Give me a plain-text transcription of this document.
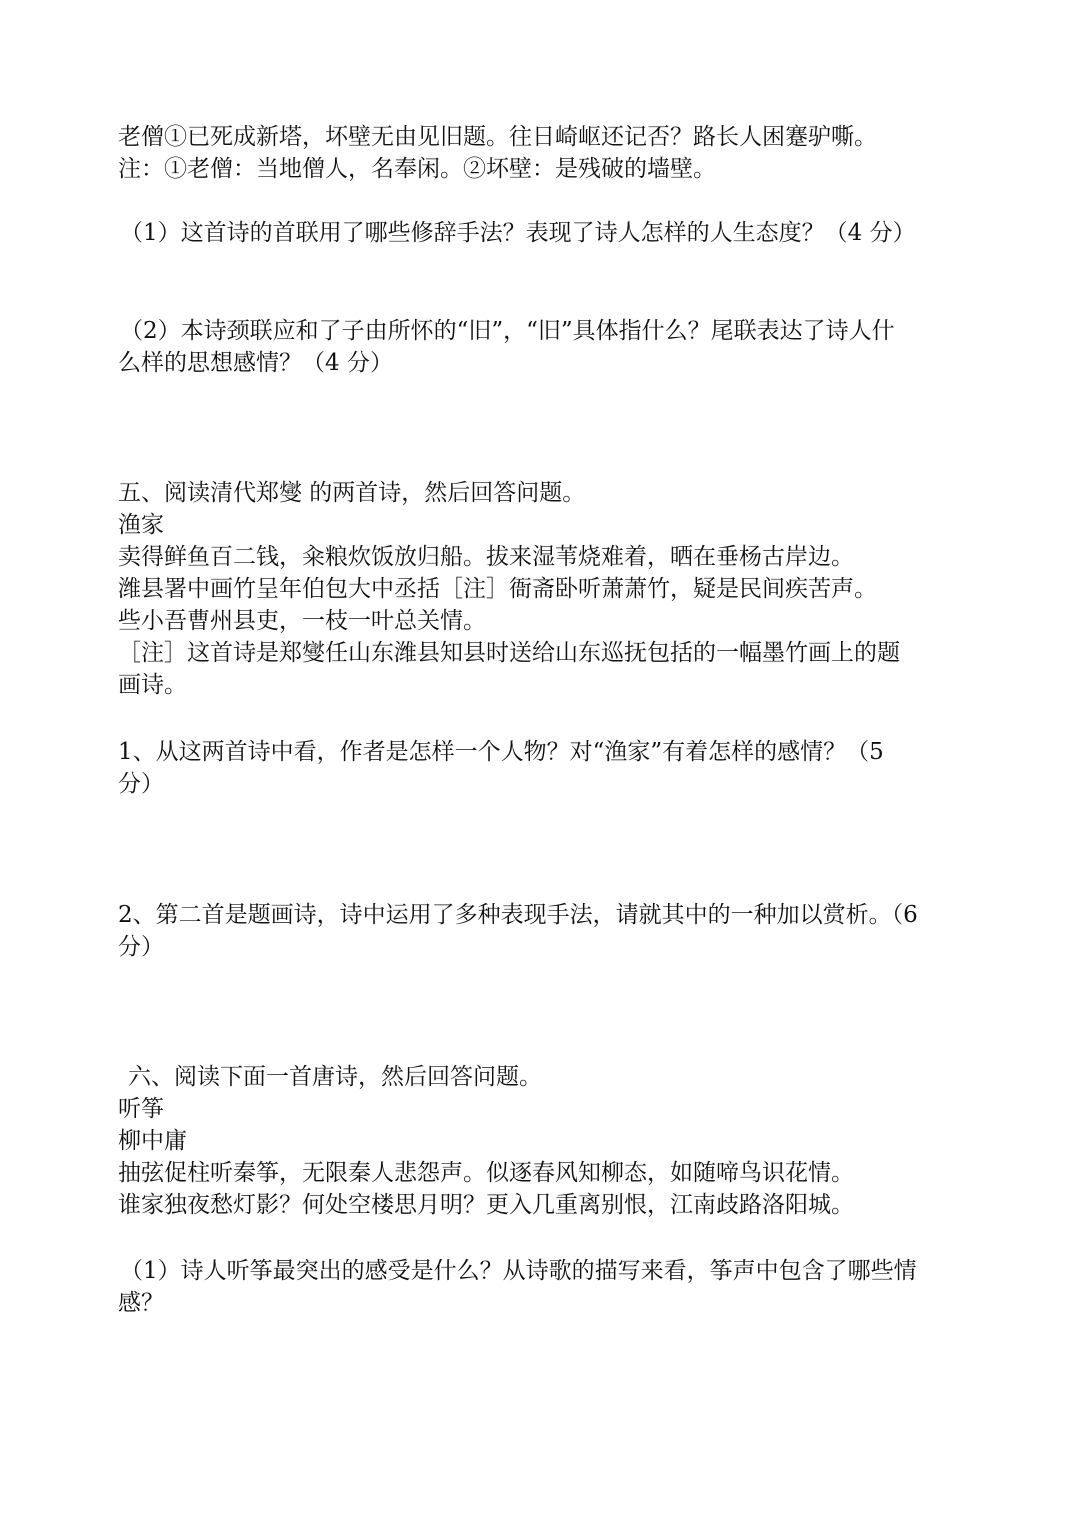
老僧①已死成新塔，坏壁无由见旧题。往日崎岖还记否？路长人困蹇驴嘶。
注：①老僧：当地僧人，名奉闲。②坏壁：是残破的墙壁。
（1）这首诗的首联用了哪些修辞手法？表现了诗人怎样的人生态度？（4 分）
（2）本诗颈联应和了子由所怀的“旧”，“旧”具体指什么？尾联表达了诗人什
么样的思想感情？（4 分）
五、阅读清代郑燮 的两首诗，然后回答问题。
渔家
卖得鲜鱼百二钱，籴粮炊饭放归船。拔来湿苇烧难着，晒在垂杨古岸边。
潍县署中画竹呈年伯包大中丞括［注］衙斋卧听萧萧竹，疑是民间疾苦声。
些小吾曹州县吏，一枝一叶总关情。
［注］这首诗是郑燮任山东潍县知县时送给山东巡抚包括的一幅墨竹画上的题
画诗。
1、从这两首诗中看，作者是怎样一个人物？对“渔家”有着怎样的感情？（5
分）
2、第二首是题画诗，诗中运用了多种表现手法，请就其中的一种加以赏析。（6
分）
六、阅读下面一首唐诗，然后回答问题。
听筝
柳中庸
抽弦促柱听秦筝，无限秦人悲怨声。似逐春风知柳态，如随啼鸟识花情。
谁家独夜愁灯影？何处空楼思月明？更入几重离别恨，江南歧路洛阳城。
（1）诗人听筝最突出的感受是什么？从诗歌的描写来看，筝声中包含了哪些情
感？
